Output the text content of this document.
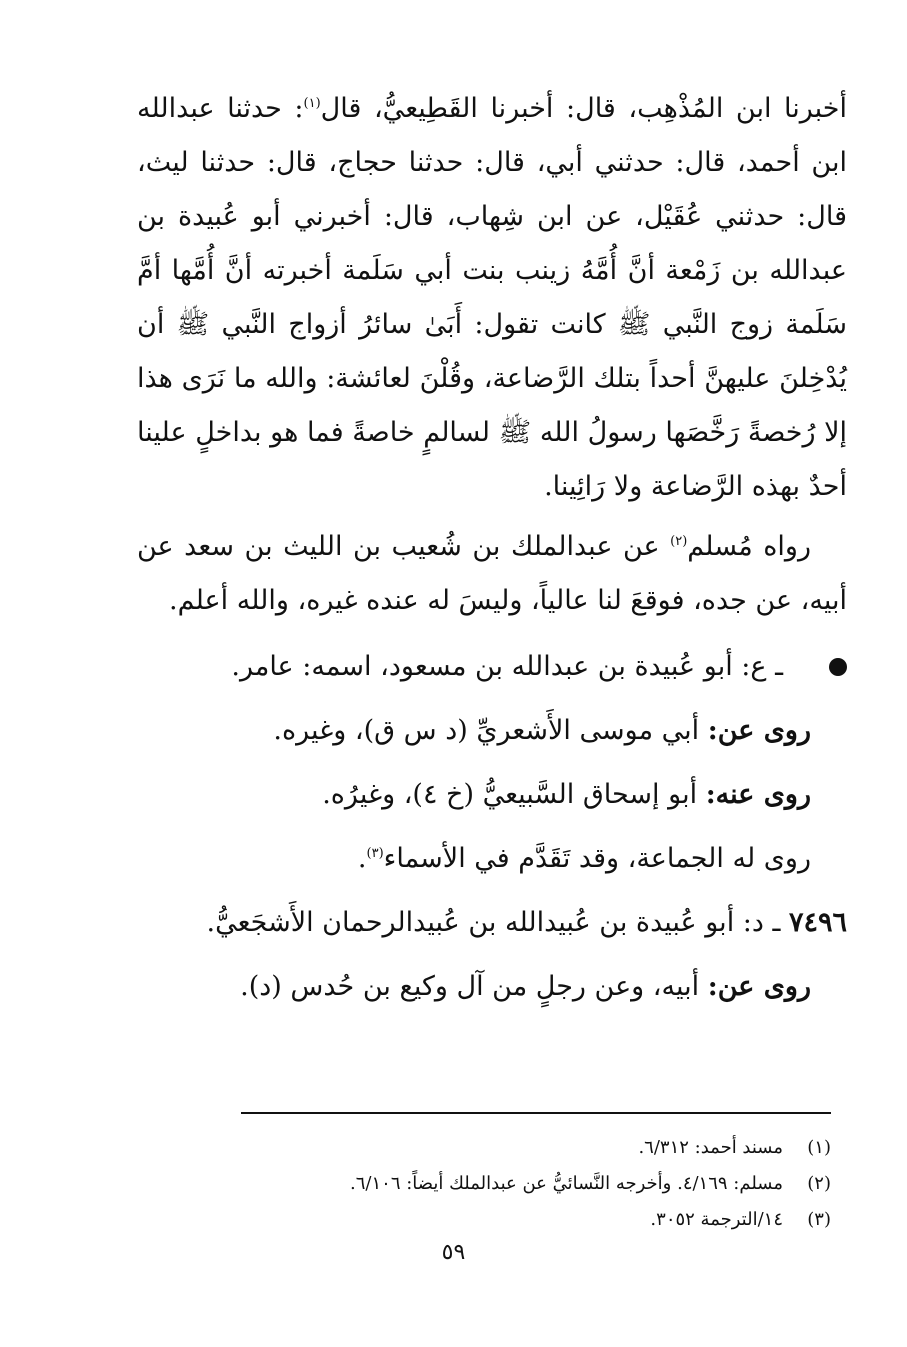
أخبرنا ابن المُذْهِب، قال: أخبرنا القَطِيعيُّ، قال$^{(١)}$: حدثنا عبدالله ابن أحمد، قال: حدثني أبي، قال: حدثنا حجاج، قال: حدثنا ليث، قال: حدثني عُقَيْل، عن ابن شِهاب، قال: أخبرني أبو عُبيدة بن عبدالله بن زَمْعة أنَّ أُمَّهُ زينب بنت أبي سَلَمة أخبرته أنَّ أُمَّها أمَّ سَلَمة زوج النَّبي ﷺ كانت تقول: أَبَىٰ سائرُ أزواج النَّبي ﷺ أن يُدْخِلنَ عليهنَّ أحداً بتلك الرَّضاعة، وقُلْنَ لعائشة: والله ما نَرَى هذا إلا رُخصةً رَخَّصَها رسولُ الله ﷺ لسالمٍ خاصةً فما هو بداخلٍ علينا أحدٌ بهذه الرَّضاعة ولا رَائِينا.

رواه مُسلم$^{(٢)}$ عن عبدالملك بن شُعيب بن الليث بن سعد عن أبيه، عن جده، فوقعَ لنا عالياً، وليسَ له عنده غيره، والله أعلم.

ـ ع: أبو عُبيدة بن عبدالله بن مسعود، اسمه: عامر.

روى عن: أبي موسى الأَشعريِّ (د س ق)، وغيره.

روى عنه: أبو إسحاق السَّبيعيُّ (خ ٤)، وغيرُه.

روى له الجماعة، وقد تَقَدَّم في الأسماء$^{(٣)}$.

٧٤٩٦ ـ د: أبو عُبيدة بن عُبيدالله بن عُبيدالرحمان الأَشجَعيُّ.

روى عن: أبيه، وعن رجلٍ من آل وكيع بن حُدس (د).

(١)
مسند أحمد: ٦/٣١٢.
(٢)
مسلم: ٤/١٦٩. وأخرجه النَّسائيُّ عن عبدالملك أيضاً: ٦/١٠٦.
(٣)
١٤/الترجمة ٣٠٥٢.
٥٩
